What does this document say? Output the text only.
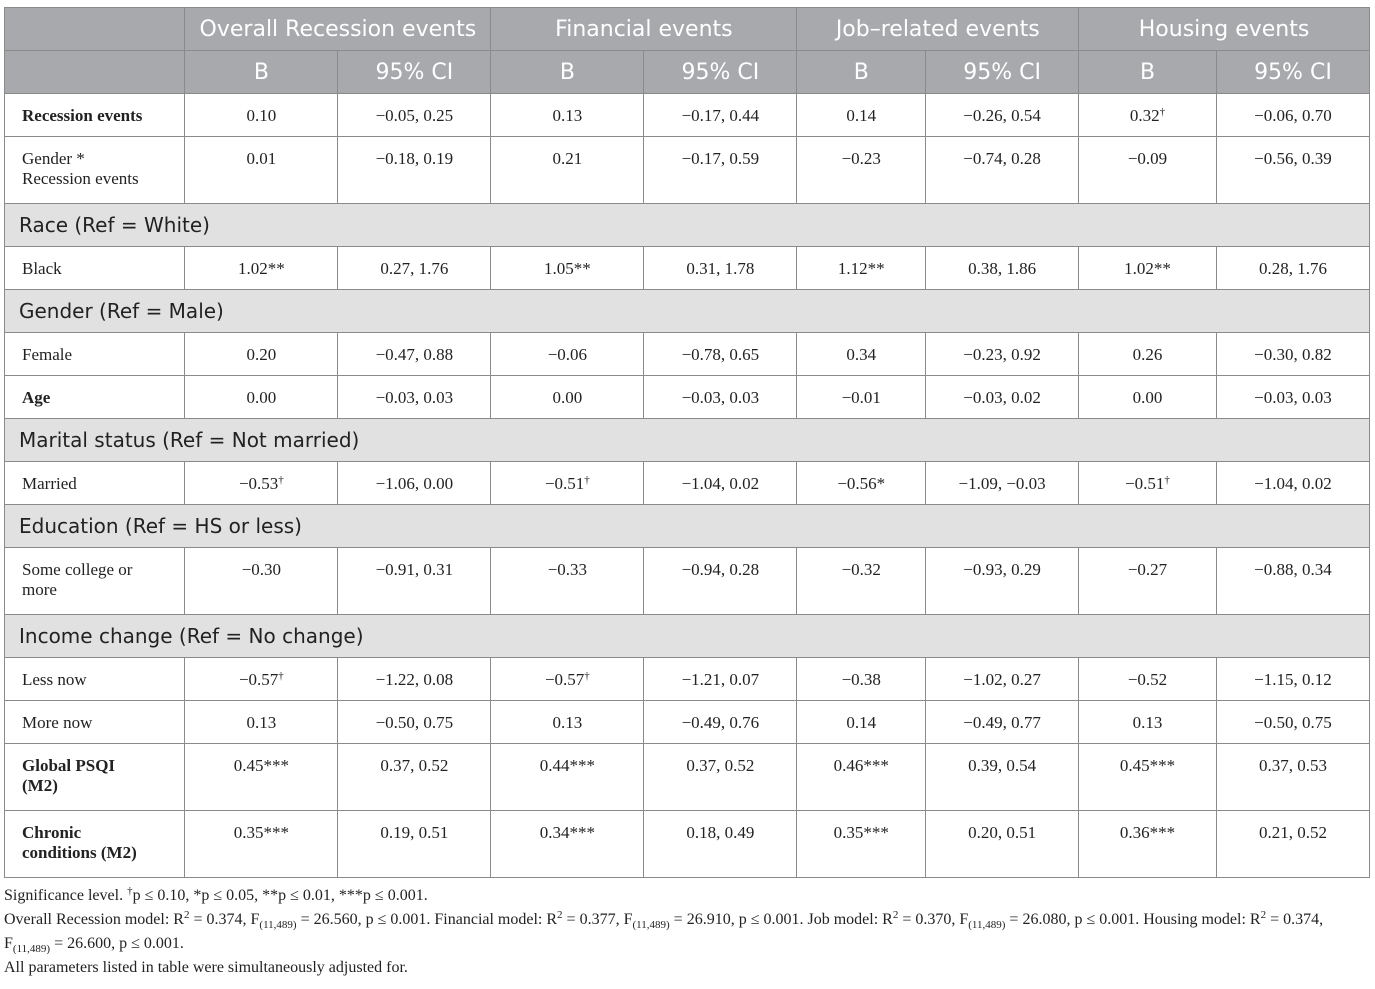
	Overall Recession events		Financial events		Job–related events		Housing events	
	B	95% CI	B	95% CI	B	95% CI	B	95% CI
Recession events	0.10	−0.05, 0.25	0.13	−0.17, 0.44	0.14	−0.26, 0.54	0.32†	−0.06, 0.70
Gender *
Recession events	0.01	−0.18, 0.19	0.21	−0.17, 0.59	−0.23	−0.74, 0.28	−0.09	−0.56, 0.39
Race (Ref = White)								
Black	1.02**	0.27, 1.76	1.05**	0.31, 1.78	1.12**	0.38, 1.86	1.02**	0.28, 1.76
Gender (Ref = Male)								
Female	0.20	−0.47, 0.88	−0.06	−0.78, 0.65	0.34	−0.23, 0.92	0.26	−0.30, 0.82
Age	0.00	−0.03, 0.03	0.00	−0.03, 0.03	−0.01	−0.03, 0.02	0.00	−0.03, 0.03
Marital status (Ref = Not married)								
Married	−0.53†	−1.06, 0.00	−0.51†	−1.04, 0.02	−0.56*	−1.09, −0.03	−0.51†	−1.04, 0.02
Education (Ref = HS or less)								
Some college or
more	−0.30	−0.91, 0.31	−0.33	−0.94, 0.28	−0.32	−0.93, 0.29	−0.27	−0.88, 0.34
Income change (Ref = No change)								
Less now	−0.57†	−1.22, 0.08	−0.57†	−1.21, 0.07	−0.38	−1.02, 0.27	−0.52	−1.15, 0.12
More now	0.13	−0.50, 0.75	0.13	−0.49, 0.76	0.14	−0.49, 0.77	0.13	−0.50, 0.75
Global PSQI
(M2)	0.45***	0.37, 0.52	0.44***	0.37, 0.52	0.46***	0.39, 0.54	0.45***	0.37, 0.53
Chronic
conditions (M2)	0.35***	0.19, 0.51	0.34***	0.18, 0.49	0.35***	0.20, 0.51	0.36***	0.21, 0.52

Significance level. †p ≤ 0.10, *p ≤ 0.05, **p ≤ 0.01, ***p ≤ 0.001.

Overall Recession model: $R^2 = 0.374$, $F_{(11,489)} = 26.560$, p ≤ 0.001. Financial model: $R^2 = 0.377$, $F_{(11,489)} = 26.910$, p ≤ 0.001. Job model: $R^2 = 0.370$, $F_{(11,489)} = 26.080$, p ≤ 0.001. Housing model: $R^2 = 0.374$, $F_{(11,489)} = 26.600$, p ≤ 0.001.

All parameters listed in table were simultaneously adjusted for.
